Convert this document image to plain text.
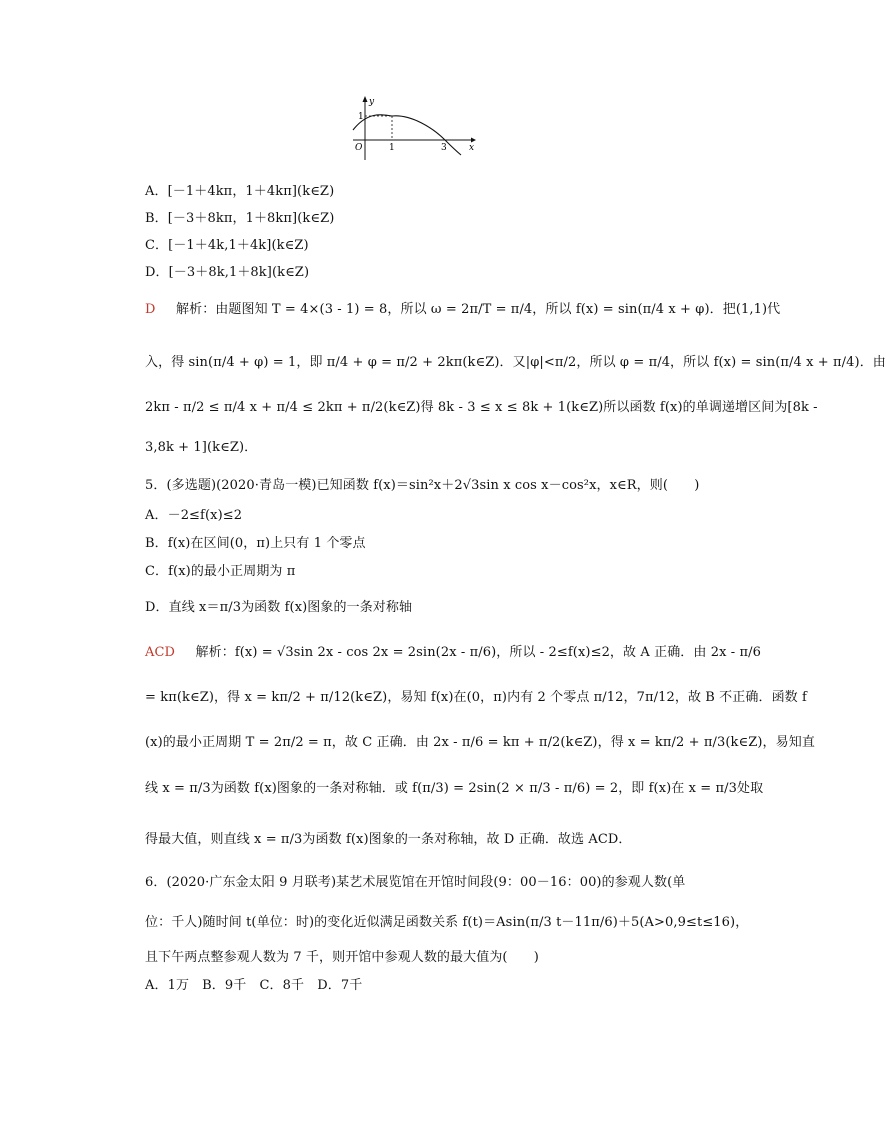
y
x
O
1
1	3
A．[－1＋4kπ，1＋4kπ](k∈Z)
B．[－3＋8kπ，1＋8kπ](k∈Z)
C．[－1＋4k,1＋4k](k∈Z)
D．[－3＋8k,1＋8k](k∈Z)
D 解析：由题图知 T = 4×(3 - 1) = 8，所以 ω = 2π/T = π/4，所以 f(x) = sin(π/4 x + φ)．把(1,1)代
入，得 sin(π/4 + φ) = 1，即 π/4 + φ = π/2 + 2kπ(k∈Z)．又|φ|<π/2，所以 φ = π/4，所以 f(x) = sin(π/4 x + π/4)．由
2kπ - π/2 ≤ π/4 x + π/4 ≤ 2kπ + π/2(k∈Z)得 8k - 3 ≤ x ≤ 8k + 1(k∈Z)所以函数 f(x)的单调递增区间为[8k -
3,8k + 1](k∈Z)．
5．(多选题)(2020·青岛一模)已知函数 f(x)＝sin²x＋2√3sin x cos x－cos²x，x∈R，则(　　)
A．－2≤f(x)≤2
B．f(x)在区间(0，π)上只有 1 个零点
C．f(x)的最小正周期为 π
D．直线 x＝π/3为函数 f(x)图象的一条对称轴
ACD 解析：f(x) = √3sin 2x - cos 2x = 2sin(2x - π/6)，所以 - 2≤f(x)≤2，故 A 正确．由 2x - π/6
= kπ(k∈Z)，得 x = kπ/2 + π/12(k∈Z)，易知 f(x)在(0，π)内有 2 个零点 π/12，7π/12，故 B 不正确．函数 f
(x)的最小正周期 T = 2π/2 = π，故 C 正确．由 2x - π/6 = kπ + π/2(k∈Z)，得 x = kπ/2 + π/3(k∈Z)，易知直
线 x = π/3为函数 f(x)图象的一条对称轴．或 f(π/3) = 2sin(2 × π/3 - π/6) = 2，即 f(x)在 x = π/3处取
得最大值，则直线 x = π/3为函数 f(x)图象的一条对称轴，故 D 正确．故选 ACD．
6．(2020·广东金太阳 9 月联考)某艺术展览馆在开馆时间段(9：00－16：00)的参观人数(单
位：千人)随时间 t(单位：时)的变化近似满足函数关系 f(t)＝Asin(π/3 t－11π/6)＋5(A>0,9≤t≤16)，
且下午两点整参观人数为 7 千，则开馆中参观人数的最大值为(　　)
A．1万　B．9千　C．8千　D．7千
